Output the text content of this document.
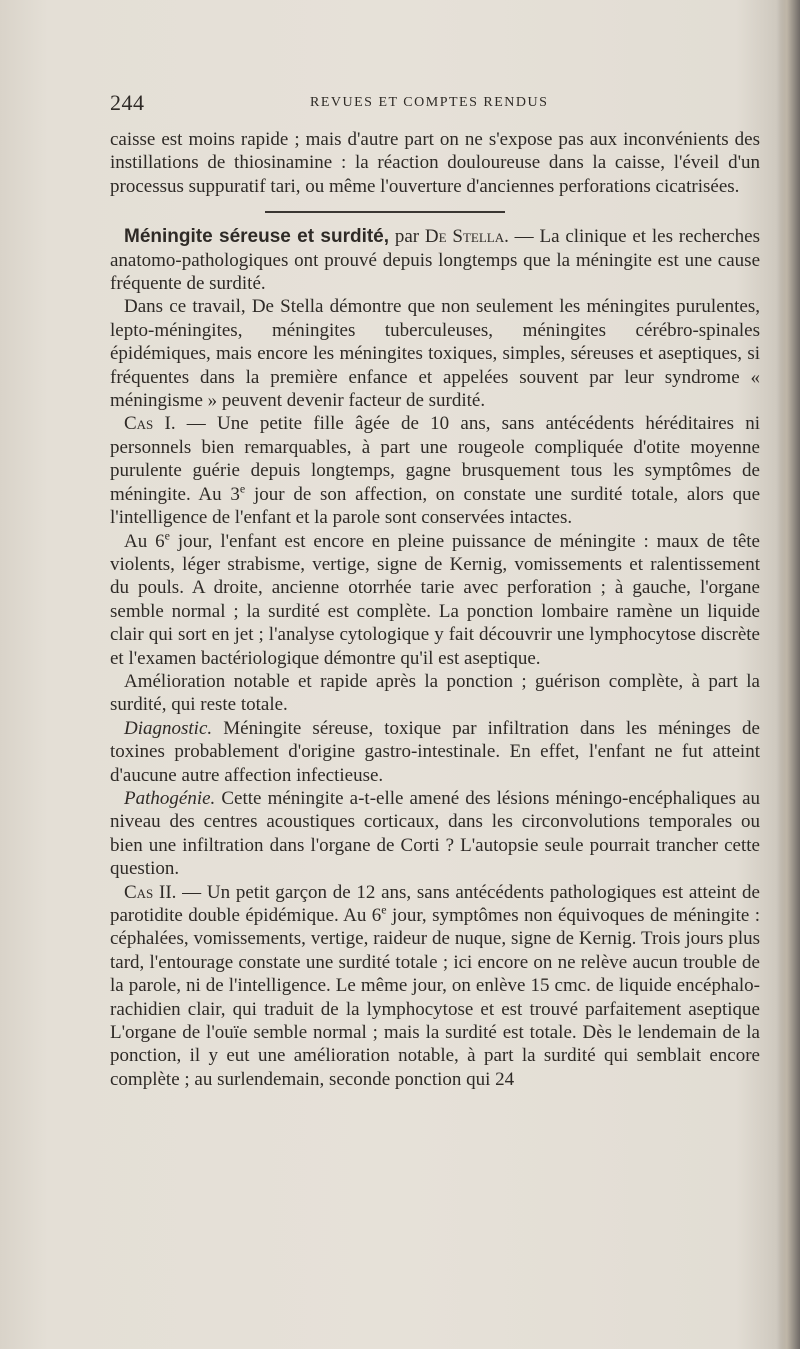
244	REVUES ET COMPTES RENDUS

caisse est moins rapide ; mais d'autre part on ne s'expose pas aux inconvénients des instillations de thiosinamine : la réaction douloureuse dans la caisse, l'éveil d'un processus suppuratif tari, ou même l'ouverture d'anciennes perforations cicatrisées.

Méningite séreuse et surdité, par De Stella. — La clinique et les recherches anatomo-pathologiques ont prouvé depuis longtemps que la méningite est une cause fréquente de surdité.

Dans ce travail, De Stella démontre que non seulement les méningites purulentes, lepto-méningites, méningites tuberculeuses, méningites cérébro-spinales épidémiques, mais encore les méningites toxiques, simples, séreuses et aseptiques, si fréquentes dans la première enfance et appelées souvent par leur syndrome « méningisme » peuvent devenir facteur de surdité.

Cas I. — Une petite fille âgée de 10 ans, sans antécédents héréditaires ni personnels bien remarquables, à part une rougeole compliquée d'otite moyenne purulente guérie depuis longtemps, gagne brusquement tous les symptômes de méningite. Au 3e jour de son affection, on constate une surdité totale, alors que l'intelligence de l'enfant et la parole sont conservées intactes.

Au 6e jour, l'enfant est encore en pleine puissance de méningite : maux de tête violents, léger strabisme, vertige, signe de Kernig, vomissements et ralentissement du pouls. A droite, ancienne otorrhée tarie avec perforation ; à gauche, l'organe semble normal ; la surdité est complète. La ponction lombaire ramène un liquide clair qui sort en jet ; l'analyse cytologique y fait découvrir une lymphocytose discrète et l'examen bactériologique démontre qu'il est aseptique.

Amélioration notable et rapide après la ponction ; guérison complète, à part la surdité, qui reste totale.

Diagnostic. Méningite séreuse, toxique par infiltration dans les méninges de toxines probablement d'origine gastro-intestinale. En effet, l'enfant ne fut atteint d'aucune autre affection infectieuse.

Pathogénie. Cette méningite a-t-elle amené des lésions méningo-encéphaliques au niveau des centres acoustiques corticaux, dans les circonvolutions temporales ou bien une infiltration dans l'organe de Corti ? L'autopsie seule pourrait trancher cette question.

Cas II. — Un petit garçon de 12 ans, sans antécédents pathologiques est atteint de parotidite double épidémique. Au 6e jour, symptômes non équivoques de méningite : céphalées, vomissements, vertige, raideur de nuque, signe de Kernig. Trois jours plus tard, l'entourage constate une surdité totale ; ici encore on ne relève aucun trouble de la parole, ni de l'intelligence. Le même jour, on enlève 15 cmc. de liquide encéphalo-rachidien clair, qui traduit de la lymphocytose et est trouvé parfaitement aseptique L'organe de l'ouïe semble normal ; mais la surdité est totale. Dès le lendemain de la ponction, il y eut une amélioration notable, à part la surdité qui semblait encore complète ; au surlendemain, seconde ponction qui 24
